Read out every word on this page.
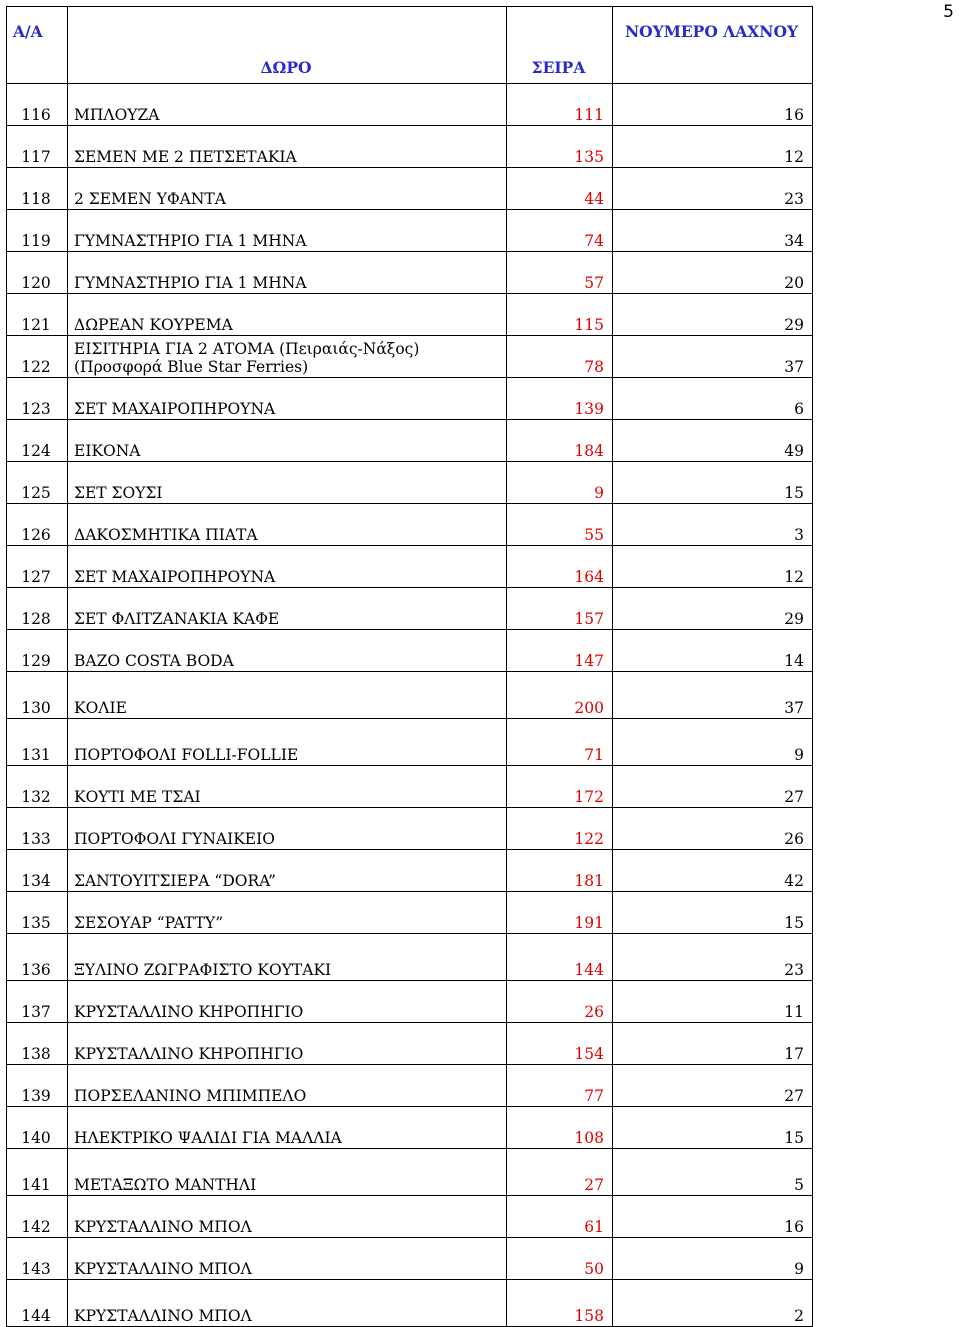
5
Α/Α	ΔΩΡΟ	ΣΕΙΡΑ	ΝΟΥΜΕΡΟ ΛΑΧΝΟΥ
116	ΜΠΛΟΥΖΑ	111	16
117	ΣΕΜΕΝ ΜΕ 2 ΠΕΤΣΕΤΑΚΙΑ	135	12
118	2 ΣΕΜΕΝ ΥΦΑΝΤΑ	44	23
119	ΓΥΜΝΑΣΤΗΡΙΟ ΓΙΑ 1 ΜΗΝΑ	74	34
120	ΓΥΜΝΑΣΤΗΡΙΟ ΓΙΑ 1 ΜΗΝΑ	57	20
121	ΔΩΡΕΑΝ ΚΟΥΡΕΜΑ	115	29
122	ΕΙΣΙΤΗΡΙΑ ΓΙΑ 2 ΑΤΟΜΑ (Πειραιάς-Νάξος)
(Προσφορά Blue Star Ferries)	78	37
123	ΣΕΤ ΜΑΧΑΙΡΟΠΗΡΟΥΝΑ	139	6
124	ΕΙΚΟΝΑ	184	49
125	ΣΕΤ ΣΟΥΣΙ	9	15
126	ΔΑΚΟΣΜΗΤΙΚΑ ΠΙΑΤΑ	55	3
127	ΣΕΤ ΜΑΧΑΙΡΟΠΗΡΟΥΝΑ	164	12
128	ΣΕΤ ΦΛΙΤΖΑΝΑΚΙΑ ΚΑΦΕ	157	29
129	ΒΑΖΟ COSTA BODA	147	14
130	ΚΟΛΙΕ	200	37
131	ΠΟΡΤΟΦΟΛΙ FOLLI-FOLLIE	71	9
132	ΚΟΥΤΙ ΜΕ ΤΣΑΙ	172	27
133	ΠΟΡΤΟΦΟΛΙ ΓΥΝΑΙΚΕΙΟ	122	26
134	ΣΑΝΤΟΥΙΤΣΙΕΡΑ “DORA”	181	42
135	ΣΕΣΟΥΑΡ “PATTY”	191	15
136	ΞΥΛΙΝΟ ΖΩΓΡΑΦΙΣΤΟ ΚΟΥΤΑΚΙ	144	23
137	ΚΡΥΣΤΑΛΛΙΝΟ ΚΗΡΟΠΗΓΙΟ	26	11
138	ΚΡΥΣΤΑΛΛΙΝΟ ΚΗΡΟΠΗΓΙΟ	154	17
139	ΠΟΡΣΕΛΑΝΙΝΟ ΜΠΙΜΠΕΛΟ	77	27
140	ΗΛΕΚΤΡΙΚΟ ΨΑΛΙΔΙ ΓΙΑ ΜΑΛΛΙΑ	108	15
141	ΜΕΤΑΞΩΤΟ ΜΑΝΤΗΛΙ	27	5
142	ΚΡΥΣΤΑΛΛΙΝΟ ΜΠΟΛ	61	16
143	ΚΡΥΣΤΑΛΛΙΝΟ ΜΠΟΛ	50	9
144	ΚΡΥΣΤΑΛΛΙΝΟ ΜΠΟΛ	158	2
